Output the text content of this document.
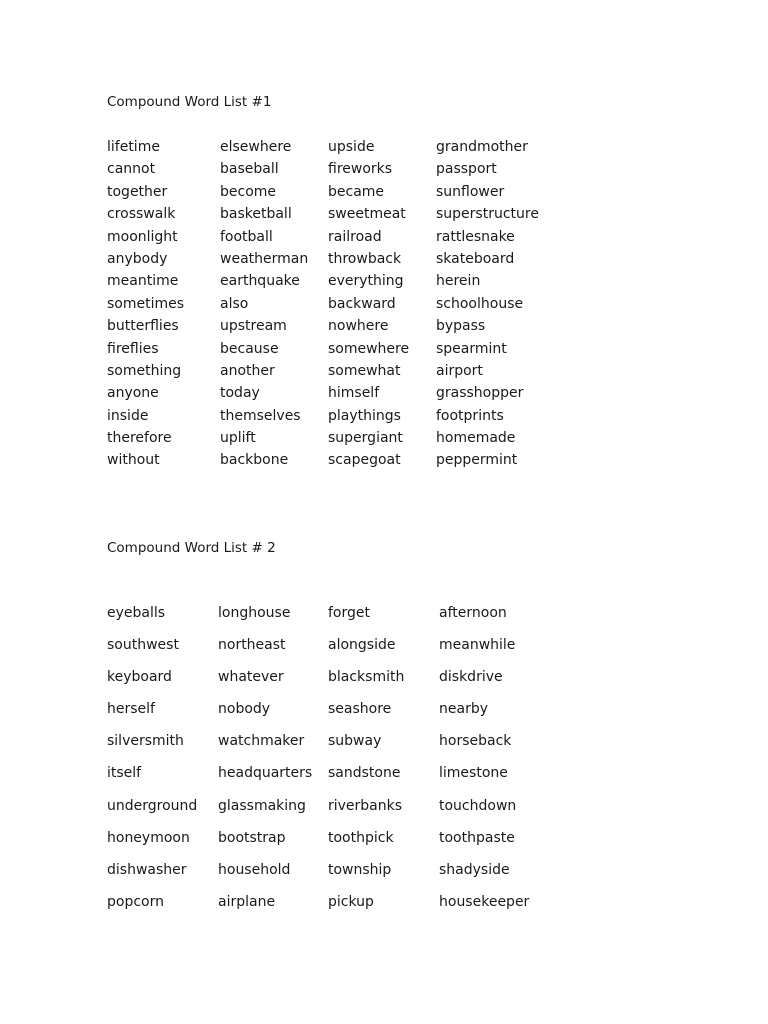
Compound Word List #1
lifetime	elsewhere	upside	grandmother
cannot	baseball	fireworks	passport
together	become	became	sunflower
crosswalk	basketball	sweetmeat	superstructure
moonlight	football	railroad	rattlesnake
anybody	weatherman	throwback	skateboard
meantime	earthquake	everything	herein
sometimes	also	backward	schoolhouse
butterflies	upstream	nowhere	bypass
fireflies	because	somewhere	spearmint
something	another	somewhat	airport
anyone	today	himself	grasshopper
inside	themselves	playthings	footprints
therefore	uplift	supergiant	homemade
without	backbone	scapegoat	peppermint
Compound Word List # 2
eyeballs	longhouse	forget	afternoon
southwest	northeast	alongside	meanwhile
keyboard	whatever	blacksmith	diskdrive
herself	nobody	seashore	nearby
silversmith	watchmaker	subway	horseback
itself	headquarters	sandstone	limestone
underground	glassmaking	riverbanks	touchdown
honeymoon	bootstrap	toothpick	toothpaste
dishwasher	household	township	shadyside
popcorn	airplane	pickup	housekeeper
